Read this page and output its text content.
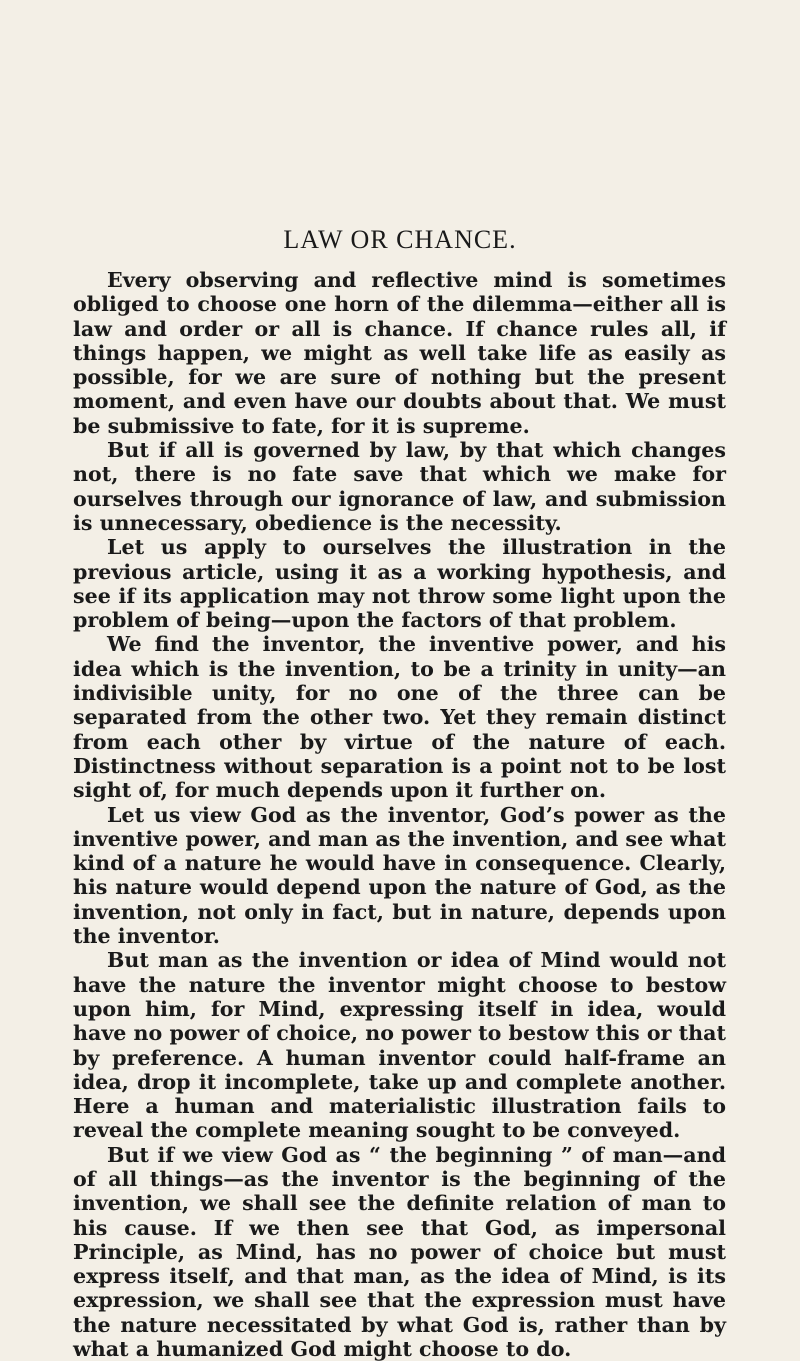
LAW OR CHANCE.

Every observing and reflective mind is sometimes obliged to choose one horn of the dilemma—either all is law and order or all is chance. If chance rules all, if things happen, we might as well take life as easily as possible, for we are sure of nothing but the present moment, and even have our doubts about that. We must be submissive to fate, for it is supreme.

But if all is governed by law, by that which changes not, there is no fate save that which we make for ourselves through our ignorance of law, and submission is unnecessary, obedience is the necessity.

Let us apply to ourselves the illustration in the previous article, using it as a working hypothesis, and see if its application may not throw some light upon the problem of being—upon the factors of that problem.

We find the inventor, the inventive power, and his idea which is the invention, to be a trinity in unity—an indivisible unity, for no one of the three can be separated from the other two. Yet they remain distinct from each other by virtue of the nature of each. Distinctness without separation is a point not to be lost sight of, for much depends upon it further on.

Let us view God as the inventor, God’s power as the inventive power, and man as the invention, and see what kind of a nature he would have in consequence. Clearly, his nature would depend upon the nature of God, as the invention, not only in fact, but in nature, depends upon the inventor.

But man as the invention or idea of Mind would not have the nature the inventor might choose to bestow upon him, for Mind, expressing itself in idea, would have no power of choice, no power to bestow this or that by preference. A human inventor could half-frame an idea, drop it incomplete, take up and complete another. Here a human and materialistic illustration fails to reveal the complete meaning sought to be conveyed.

But if we view God as “ the beginning ” of man—and of all things—as the inventor is the beginning of the invention, we shall see the definite relation of man to his cause. If we then see that God, as impersonal Principle, as Mind, has no power of choice but must express itself, and that man, as the idea of Mind, is its expression, we shall see that the expression must have the nature necessitated by what God is, rather than by what a humanized God might choose to do.
